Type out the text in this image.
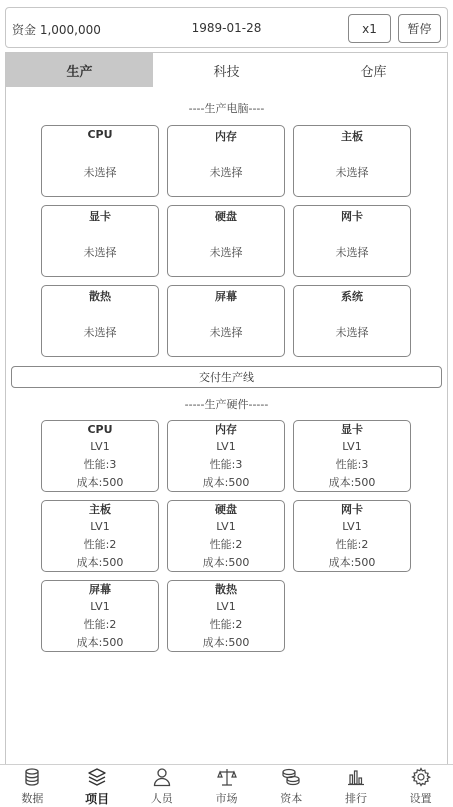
资金 1,000,000	1989-01-28	x1	暂停
生产	科技	仓库
----生产电脑----
CPU
未选择
内存
未选择
主板
未选择
显卡
未选择
硬盘
未选择
网卡
未选择
散热
未选择
屏幕
未选择
系统
未选择
交付生产线
-----生产硬件-----
CPU
LV1
性能:3
成本:500
内存
LV1
性能:3
成本:500
显卡
LV1
性能:3
成本:500
主板
LV1
性能:2
成本:500
硬盘
LV1
性能:2
成本:500
网卡
LV1
性能:2
成本:500
屏幕
LV1
性能:2
成本:500
散热
LV1
性能:2
成本:500
数据	项目	人员	市场	资本	排行	设置
